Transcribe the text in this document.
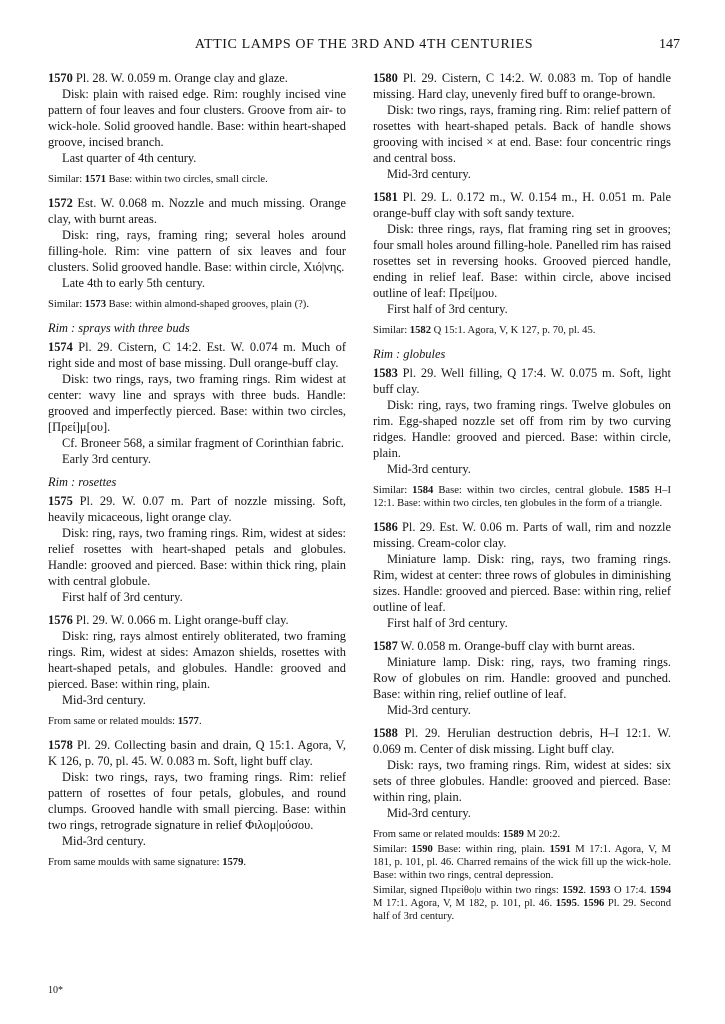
ATTIC LAMPS OF THE 3RD AND 4TH CENTURIES	147

1570 Pl. 28. W. 0.059 m. Orange clay and glaze.

Disk: plain with raised edge. Rim: roughly incised vine pattern of four leaves and four clusters. Groove from air- to wick-hole. Solid grooved handle. Base: within heart-shaped groove, incised branch.

Last quarter of 4th century.

Similar: 1571 Base: within two circles, small circle.

1572 Est. W. 0.068 m. Nozzle and much missing. Orange clay, with burnt areas.

Disk: ring, rays, framing ring; several holes around filling-hole. Rim: vine pattern of six leaves and four clusters. Solid grooved handle. Base: within circle, Χιό|νης.

Late 4th to early 5th century.

Similar: 1573 Base: within almond-shaped grooves, plain (?).
Rim : sprays with three buds

1574 Pl. 29. Cistern, C 14:2. Est. W. 0.074 m. Much of right side and most of base missing. Dull orange-buff clay.

Disk: two rings, rays, two framing rings. Rim widest at center: wavy line and sprays with three buds. Handle: grooved and imperfectly pierced. Base: within two circles, [Πρεί]μ[ου].

Cf. Broneer 568, a similar fragment of Corinthian fabric.

Early 3rd century.

Rim : rosettes

1575 Pl. 29. W. 0.07 m. Part of nozzle missing. Soft, heavily micaceous, light orange clay.

Disk: ring, rays, two framing rings. Rim, widest at sides: relief rosettes with heart-shaped petals and globules. Handle: grooved and pierced. Base: within thick ring, plain with central globule.

First half of 3rd century.

1576 Pl. 29. W. 0.066 m. Light orange-buff clay.

Disk: ring, rays almost entirely obliterated, two framing rings. Rim, widest at sides: Amazon shields, rosettes with heart-shaped petals, and globules. Handle: grooved and pierced. Base: within ring, plain.

Mid-3rd century.

From same or related moulds: 1577.

1578 Pl. 29. Collecting basin and drain, Q 15:1. Agora, V, K 126, p. 70, pl. 45. W. 0.083 m. Soft, light buff clay.

Disk: two rings, rays, two framing rings. Rim: relief pattern of rosettes of four petals, globules, and round clumps. Grooved handle with small piercing. Base: within two rings, retrograde signature in relief Φιλομ|ούσου.

Mid-3rd century.

From same moulds with same signature: 1579.
10*

1580 Pl. 29. Cistern, C 14:2. W. 0.083 m. Top of handle missing. Hard clay, unevenly fired buff to orange-brown.

Disk: two rings, rays, framing ring. Rim: relief pattern of rosettes with heart-shaped petals. Back of handle shows grooving with incised × at end. Base: four concentric rings and central boss.

Mid-3rd century.

1581 Pl. 29. L. 0.172 m., W. 0.154 m., H. 0.051 m. Pale orange-buff clay with soft sandy texture.

Disk: three rings, rays, flat framing ring set in grooves; four small holes around filling-hole. Panelled rim has raised rosettes set in reversing hooks. Grooved pierced handle, ending in relief leaf. Base: within circle, above incised outline of leaf: Πρεί|μου.

First half of 3rd century.

Similar: 1582 Q 15:1. Agora, V, K 127, p. 70, pl. 45.
Rim : globules

1583 Pl. 29. Well filling, Q 17:4. W. 0.075 m. Soft, light buff clay.

Disk: ring, rays, two framing rings. Twelve globules on rim. Egg-shaped nozzle set off from rim by two curving ridges. Handle: grooved and pierced. Base: within circle, plain.

Mid-3rd century.

Similar: 1584 Base: within two circles, central globule. 1585 H–I 12:1. Base: within two circles, ten globules in the form of a triangle.

1586 Pl. 29. Est. W. 0.06 m. Parts of wall, rim and nozzle missing. Cream-color clay.

Miniature lamp. Disk: ring, rays, two framing rings. Rim, widest at center: three rows of globules in diminishing sizes. Handle: grooved and pierced. Base: within ring, relief outline of leaf.

First half of 3rd century.

1587 W. 0.058 m. Orange-buff clay with burnt areas.

Miniature lamp. Disk: ring, rays, two framing rings. Row of globules on rim. Handle: grooved and punched. Base: within ring, relief outline of leaf.

Mid-3rd century.

1588 Pl. 29. Herulian destruction debris, H–I 12:1. W. 0.069 m. Center of disk missing. Light buff clay.

Disk: rays, two framing rings. Rim, widest at sides: six sets of three globules. Handle: grooved and pierced. Base: within ring, plain.

Mid-3rd century.

From same or related moulds: 1589 M 20:2.
Similar: 1590 Base: within ring, plain. 1591 M 17:1. Agora, V, M 181, p. 101, pl. 46. Charred remains of the wick fill up the wick-hole. Base: within two rings, central depression.
Similar, signed Πιρείθο|υ within two rings: 1592. 1593 O 17:4. 1594 M 17:1. Agora, V, M 182, p. 101, pl. 46. 1595. 1596 Pl. 29. Second half of 3rd century.
